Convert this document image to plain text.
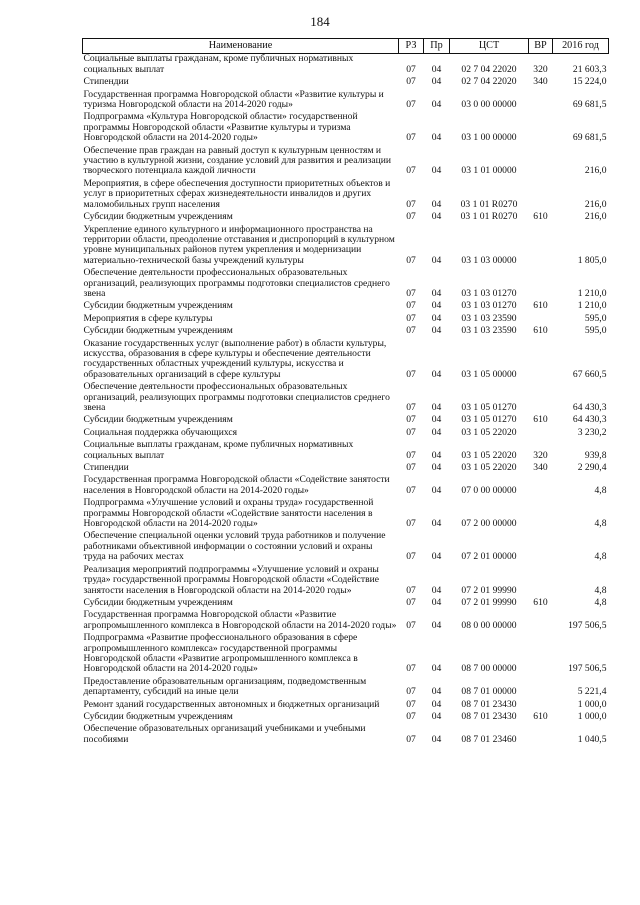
184
Наименование	РЗ	Пр	ЦСТ	ВР	2016 год
Социальные выплаты гражданам, кроме публичных нормативных социальных выплат	07	04	02 7 04 22020	320	21 603,3
Стипендии	07	04	02 7 04 22020	340	15 224,0
Государственная программа Новгородской области «Развитие культуры и туризма Новгородской области на 2014-2020 годы»	07	04	03 0 00 00000		69 681,5
Подпрограмма «Культура Новгородской области» государственной программы Новгородской области «Развитие культуры и туризма Новгородской области на 2014-2020 годы»	07	04	03 1 00 00000		69 681,5
Обеспечение прав граждан на равный доступ к культурным ценностям и участию в культурной жизни, создание условий для развития и реализации творческого потенциала каждой личности	07	04	03 1 01 00000		216,0
Мероприятия, в сфере обеспечения доступности приоритетных объектов и услуг в приоритетных сферах жизнедеятельности инвалидов и других маломобильных групп населения	07	04	03 1 01 R0270		216,0
Субсидии бюджетным учреждениям	07	04	03 1 01 R0270	610	216,0
Укрепление единого культурного и информационного пространства на территории области, преодоление отставания и диспропорций в культурном уровне муниципальных районов путем укрепления и модернизации материально-технической базы учреждений культуры	07	04	03 1 03 00000		1 805,0
Обеспечение деятельности профессиональных образовательных организаций, реализующих программы подготовки специалистов среднего звена	07	04	03 1 03 01270		1 210,0
Субсидии бюджетным учреждениям	07	04	03 1 03 01270	610	1 210,0
Мероприятия в сфере культуры	07	04	03 1 03 23590		595,0
Субсидии бюджетным учреждениям	07	04	03 1 03 23590	610	595,0
Оказание государственных услуг (выполнение работ) в области культуры, искусства, образования в сфере культуры и обеспечение деятельности государственных областных учреждений культуры, искусства и образовательных организаций в сфере культуры	07	04	03 1 05 00000		67 660,5
Обеспечение деятельности профессиональных образовательных организаций, реализующих программы подготовки специалистов среднего звена	07	04	03 1 05 01270		64 430,3
Субсидии бюджетным учреждениям	07	04	03 1 05 01270	610	64 430,3
Социальная поддержка обучающихся	07	04	03 1 05 22020		3 230,2
Социальные выплаты гражданам, кроме публичных нормативных социальных выплат	07	04	03 1 05 22020	320	939,8
Стипендии	07	04	03 1 05 22020	340	2 290,4
Государственная программа Новгородской области «Содействие занятости населения в Новгородской области на 2014-2020 годы»	07	04	07 0 00 00000		4,8
Подпрограмма «Улучшение условий и охраны труда» государственной программы Новгородской области «Содействие занятости населения в Новгородской области на 2014-2020 годы»	07	04	07 2 00 00000		4,8
Обеспечение специальной оценки условий труда работников и получение работниками объективной информации о состоянии условий и охраны труда на рабочих местах	07	04	07 2 01 00000		4,8
Реализация мероприятий подпрограммы «Улучшение условий и охраны труда» государственной программы Новгородской области «Содействие занятости населения в Новгородской области на 2014-2020 годы»	07	04	07 2 01 99990		4,8
Субсидии бюджетным учреждениям	07	04	07 2 01 99990	610	4,8
Государственная программа Новгородской области «Развитие агропромышленного комплекса в Новгородской области на 2014-2020 годы»	07	04	08 0 00 00000		197 506,5
Подпрограмма «Развитие профессионального образования в сфере агропромышленного комплекса» государственной программы Новгородской области «Развитие агропромышленного комплекса в Новгородской области на 2014-2020 годы»	07	04	08 7 00 00000		197 506,5
Предоставление образовательным организациям, подведомственным департаменту, субсидий на иные цели	07	04	08 7 01 00000		5 221,4
Ремонт зданий государственных автономных и бюджетных организаций	07	04	08 7 01 23430		1 000,0
Субсидии бюджетным учреждениям	07	04	08 7 01 23430	610	1 000,0
Обеспечение образовательных организаций учебниками и учебными пособиями	07	04	08 7 01 23460		1 040,5
